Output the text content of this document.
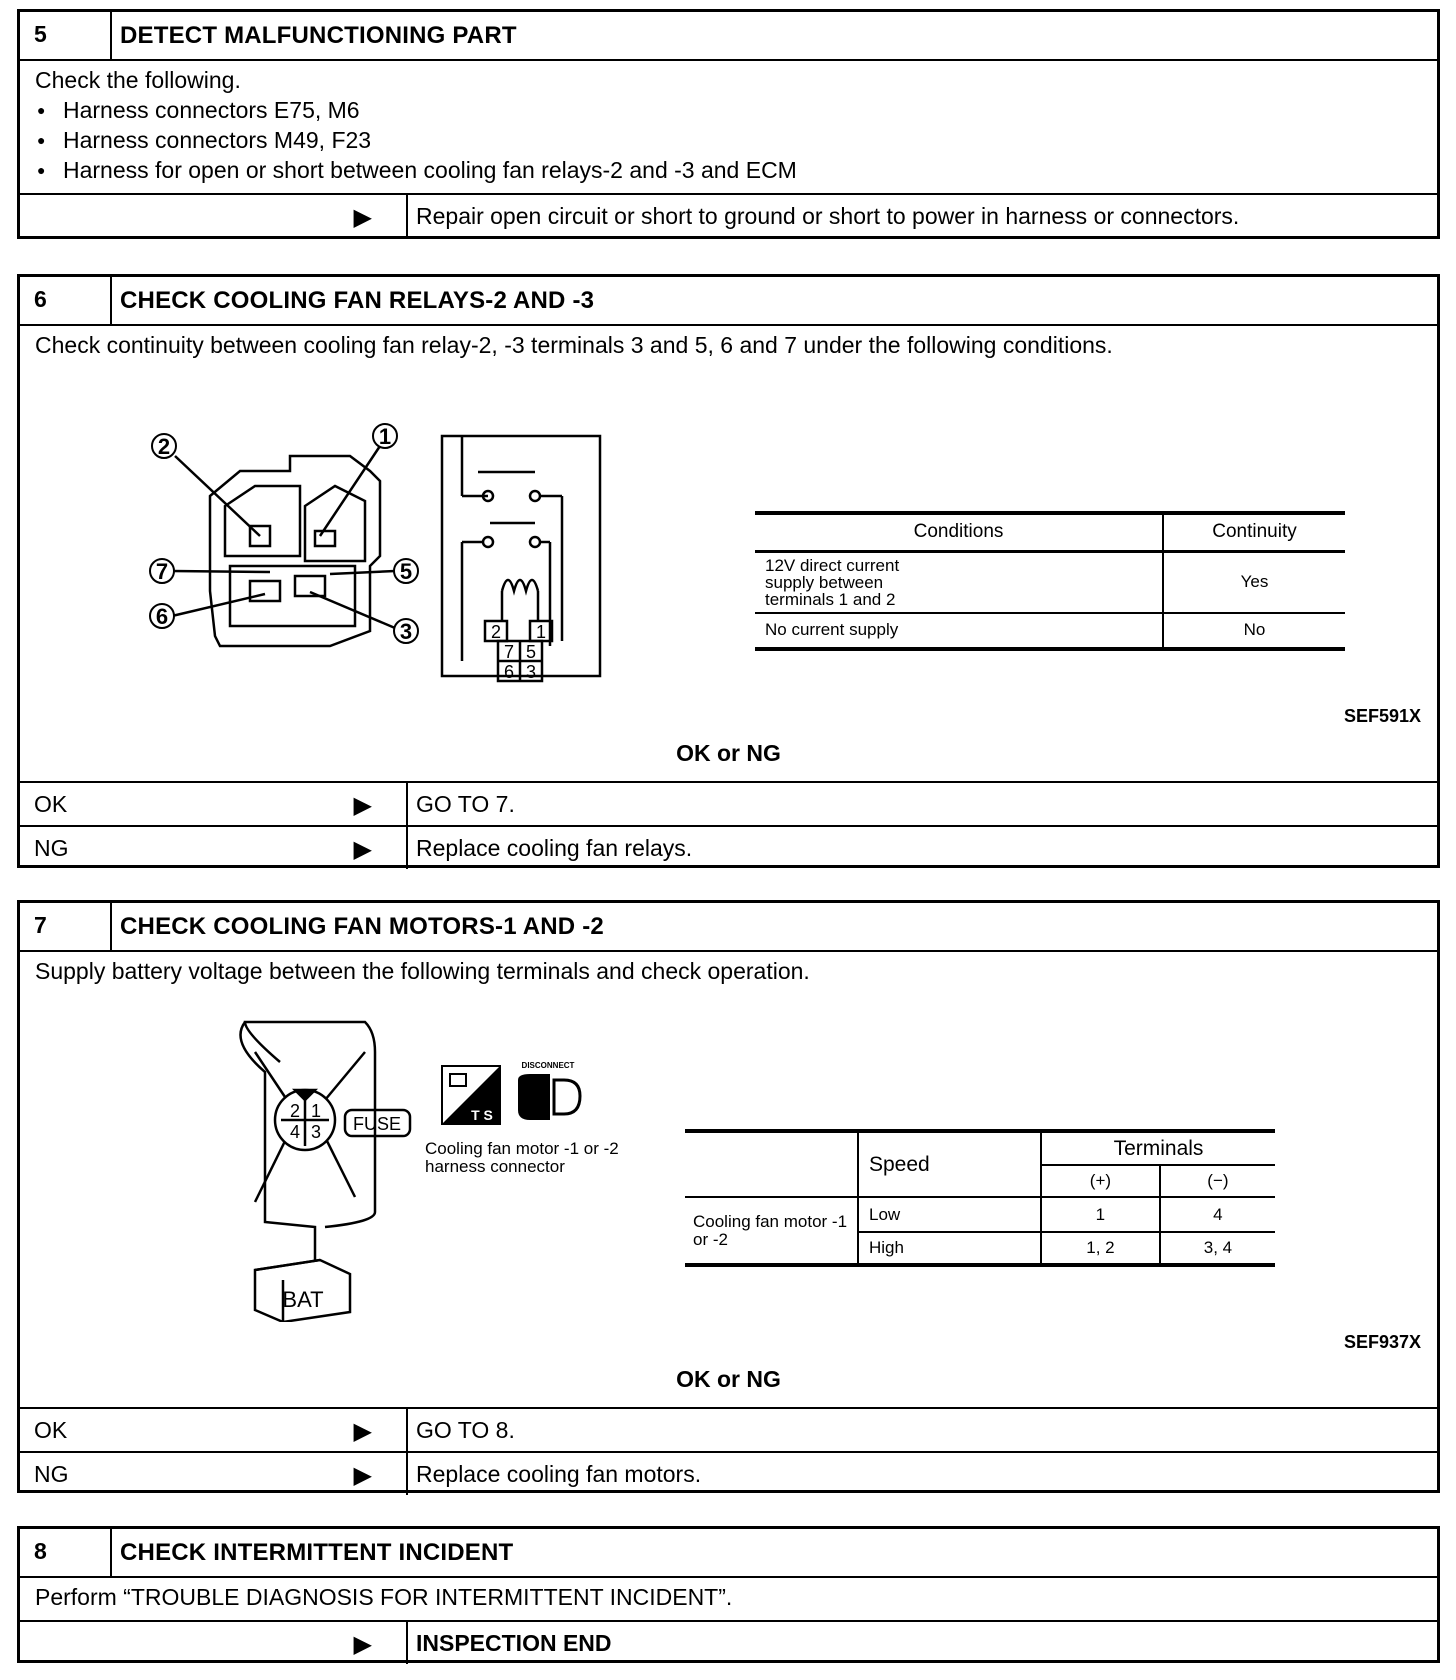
5	DETECT MALFUNCTIONING PART
Check the following.
● Harness connectors E75, M6
● Harness connectors M49, F23
● Harness for open or short between cooling fan relays-2 and -3 and ECM
▶	Repair open circuit or short to ground or short to power in harness or connectors.
6	CHECK COOLING FAN RELAYS-2 AND -3
Check continuity between cooling fan relay-2, -3 terminals 3 and 5, 6 and 7 under the following conditions.
2	1
7	5
6
3	2 1
7 5
6 3
Conditions	Continuity
12V direct current supply between terminals 1 and 2	Yes
No current supply	No
SEF591X
OK or NG
OK	▶	GO TO 7.
NG	▶	Replace cooling fan relays.
7	CHECK COOLING FAN MOTORS-1 AND -2
Supply battery voltage between the following terminals and check operation.
2 1
4 3 FUSE
BAT
T S
DISCONNECT
Cooling fan motor -1 or -2 harness connector
		Speed	Terminals	
		(+)	(−)
Cooling fan motor -1 or -2	Low	1	4
	High	1, 2	3, 4
SEF937X
OK or NG
OK	▶	GO TO 8.
NG	▶	Replace cooling fan motors.
8	CHECK INTERMITTENT INCIDENT
Perform “TROUBLE DIAGNOSIS FOR INTERMITTENT INCIDENT”.
▶	INSPECTION END
